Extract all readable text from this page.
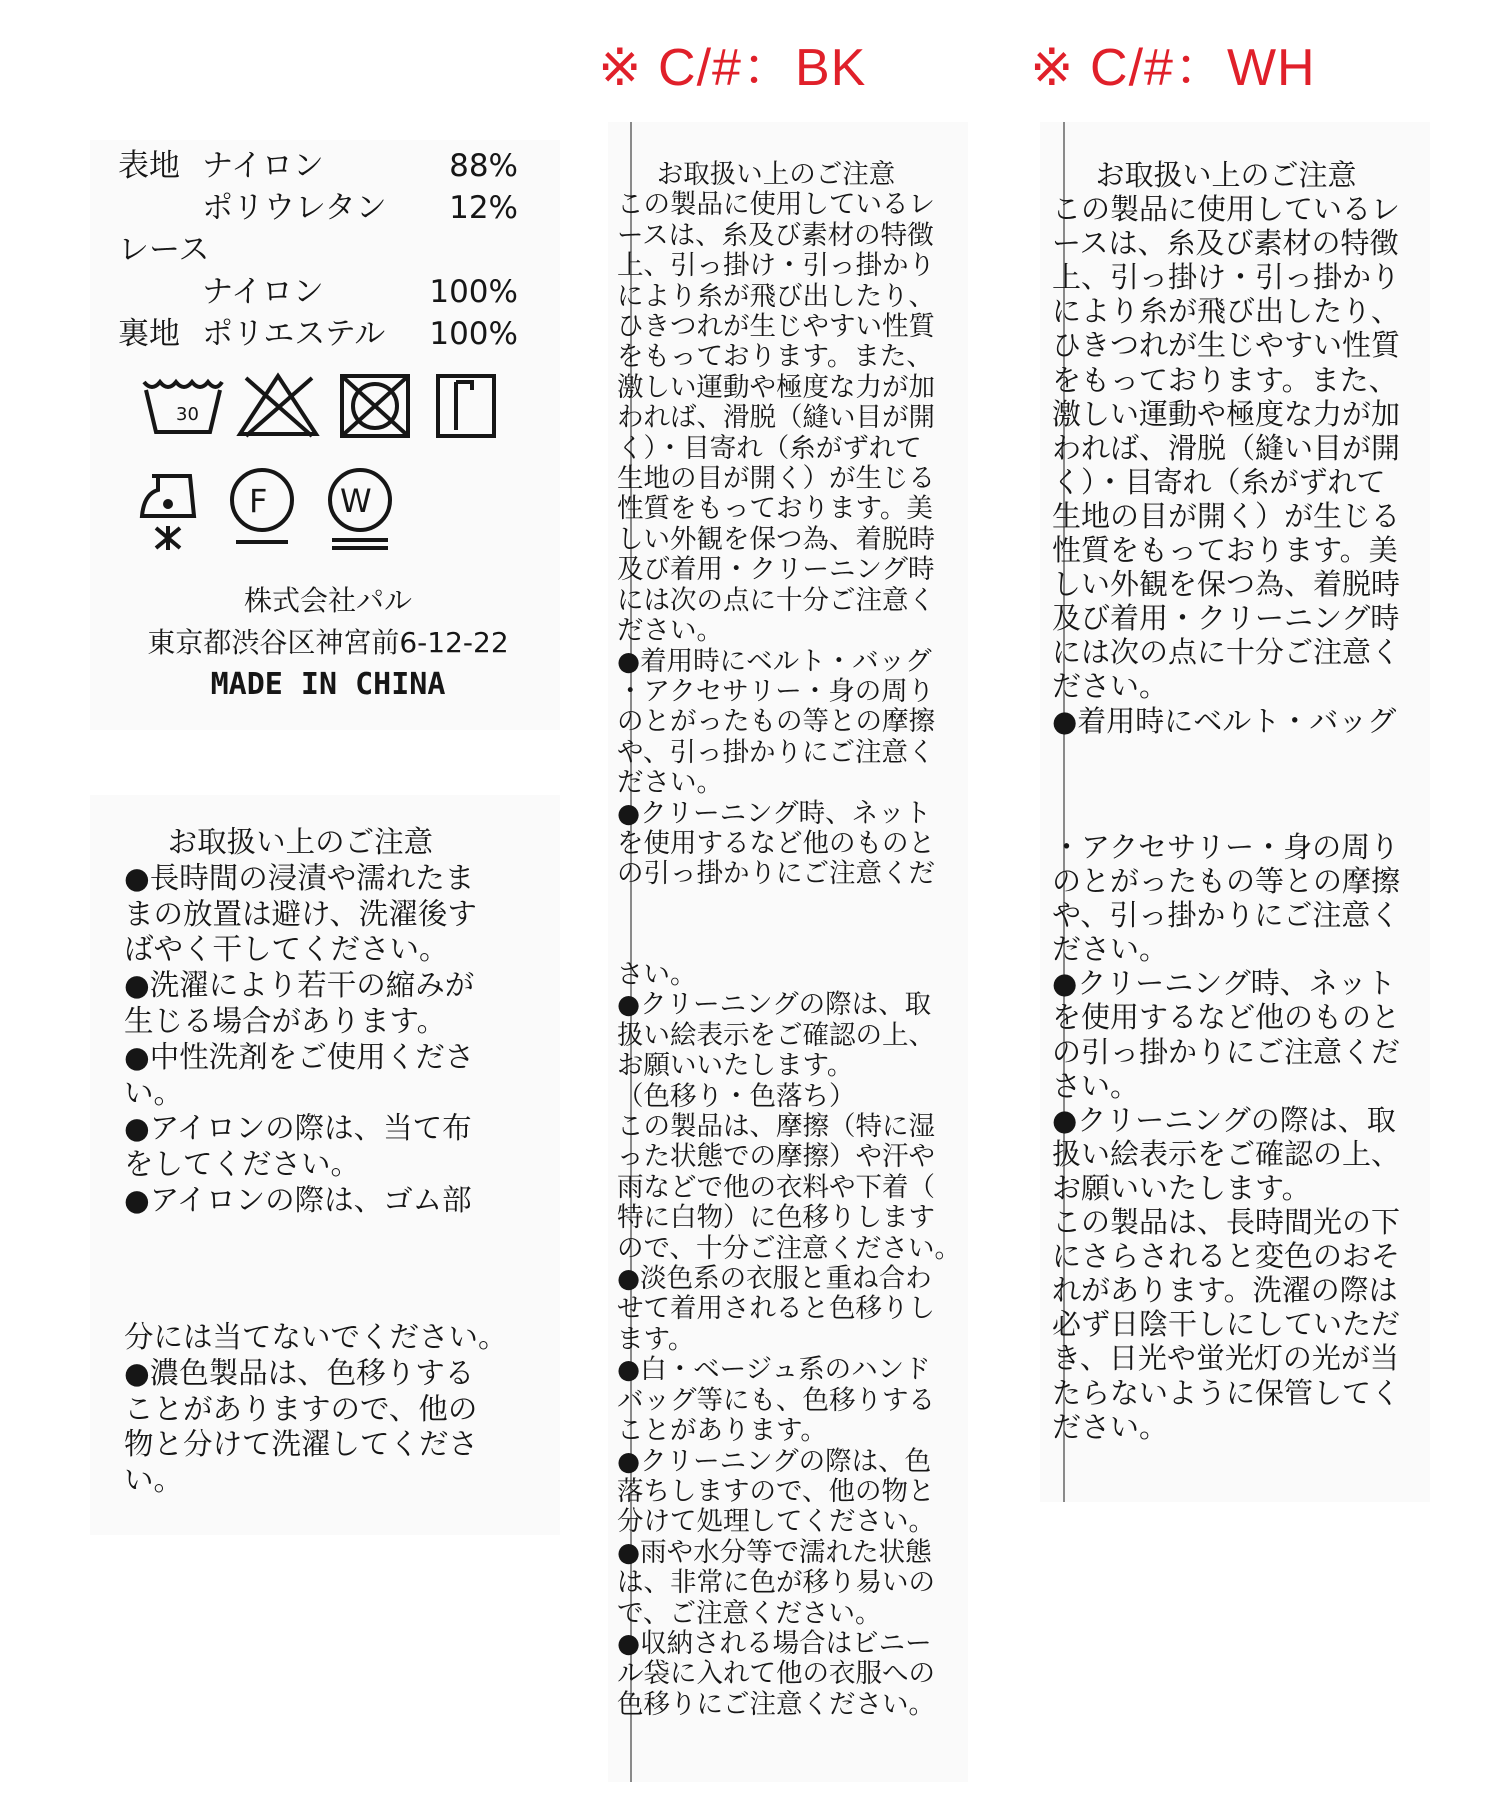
※ C/#：BK	※ C/#：WH
表地 ナイロン	88%
ポリウレタン 12%
レース
ナイロン	100%
裏地 ポリエステル 100%
30
F W
株式会社パル
東京都渋谷区神宮前6-12-22
MADE IN CHINA
お取扱い上のご注意
●長時間の浸漬や濡れたま
まの放置は避け、洗濯後す
ばやく干してください。
●洗濯により若干の縮みが
生じる場合があります。
●中性洗剤をご使用くださ
い。
●アイロンの際は、当て布
をしてください。
●アイロンの際は、ゴム部
分には当てないでください。
●濃色製品は、色移りする
ことがありますので、他の
物と分けて洗濯してくださ
い。
お取扱い上のご注意
この製品に使用しているレ
ースは、糸及び素材の特徴
上、引っ掛け・引っ掛かり
により糸が飛び出したり、
ひきつれが生じやすい性質
をもっております。また、
激しい運動や極度な力が加
われば、滑脱（縫い目が開
く）・目寄れ（糸がずれて
生地の目が開く）が生じる
性質をもっております。美
しい外観を保つ為、着脱時
及び着用・クリーニング時
には次の点に十分ご注意く
ださい。
●着用時にベルト・バッグ
・アクセサリー・身の周り
のとがったもの等との摩擦
や、引っ掛かりにご注意く
ださい。
●クリーニング時、ネット
を使用するなど他のものと
の引っ掛かりにご注意くだ
さい。
●クリーニングの際は、取
扱い絵表示をご確認の上、
お願いいたします。
（色移り・色落ち）
この製品は、摩擦（特に湿
った状態での摩擦）や汗や
雨などで他の衣料や下着（
特に白物）に色移りします
ので、十分ご注意ください。
●淡色系の衣服と重ね合わ
せて着用されると色移りし
ます。
●白・ベージュ系のハンド
バッグ等にも、色移りする
ことがあります。
●クリーニングの際は、色
落ちしますので、他の物と
分けて処理してください。
●雨や水分等で濡れた状態
は、非常に色が移り易いの
で、ご注意ください。
●収納される場合はビニー
ル袋に入れて他の衣服への
色移りにご注意ください。
お取扱い上のご注意
この製品に使用しているレ
ースは、糸及び素材の特徴
上、引っ掛け・引っ掛かり
により糸が飛び出したり、
ひきつれが生じやすい性質
をもっております。また、
激しい運動や極度な力が加
われば、滑脱（縫い目が開
く）・目寄れ（糸がずれて
生地の目が開く）が生じる
性質をもっております。美
しい外観を保つ為、着脱時
及び着用・クリーニング時
には次の点に十分ご注意く
ださい。
●着用時にベルト・バッグ
・アクセサリー・身の周り
のとがったもの等との摩擦
や、引っ掛かりにご注意く
ださい。
●クリーニング時、ネット
を使用するなど他のものと
の引っ掛かりにご注意くだ
さい。
●クリーニングの際は、取
扱い絵表示をご確認の上、
お願いいたします。
この製品は、長時間光の下
にさらされると変色のおそ
れがあります。洗濯の際は
必ず日陰干しにしていただ
き、日光や蛍光灯の光が当
たらないように保管してく
ださい。
